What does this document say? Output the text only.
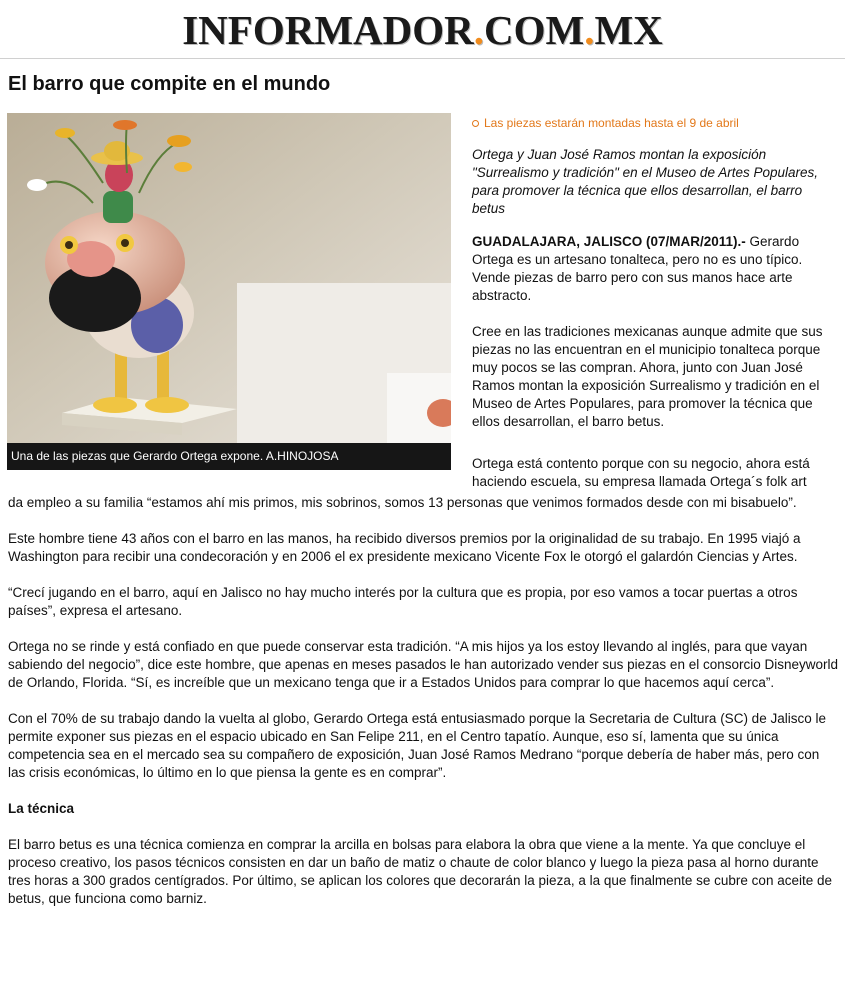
INFORMADOR.COM.MX
El barro que compite en el mundo
Una de las piezas que Gerardo Ortega expone. A.HINOJOSA
Las piezas estarán montadas hasta el 9 de abril

Ortega y Juan José Ramos montan la exposición "Surrealismo y tradición" en el Museo de Artes Populares, para promover la técnica que ellos desarrollan, el barro betus

GUADALAJARA, JALISCO (07/MAR/2011).- Gerardo Ortega es un artesano tonalteca, pero no es uno típico. Vende piezas de barro pero con sus manos hace arte abstracto.

Cree en las tradiciones mexicanas aunque admite que sus piezas no las encuentran en el municipio tonalteca porque muy pocos se las compran. Ahora, junto con Juan José Ramos montan la exposición Surrealismo y tradición en el Museo de Artes Populares, para promover la técnica que ellos desarrollan, el barro betus.

Ortega está contento porque con su negocio, ahora está haciendo escuela, su empresa llamada Ortega´s folk art

da empleo a su familia “estamos ahí mis primos, mis sobrinos, somos 13 personas que venimos formados desde con mi bisabuelo”.

Este hombre tiene 43 años con el barro en las manos, ha recibido diversos premios por la originalidad de su trabajo. En 1995 viajó a Washington para recibir una condecoración y en 2006 el ex presidente mexicano Vicente Fox le otorgó el galardón Ciencias y Artes.

“Crecí jugando en el barro, aquí en Jalisco no hay mucho interés por la cultura que es propia, por eso vamos a tocar puertas a otros países”, expresa el artesano.

Ortega no se rinde y está confiado en que puede conservar esta tradición. “A mis hijos ya los estoy llevando al inglés, para que vayan sabiendo del negocio”, dice este hombre, que apenas en meses pasados le han autorizado vender sus piezas en el consorcio Disneyworld de Orlando, Florida. “Sí, es increíble que un mexicano tenga que ir a Estados Unidos para comprar lo que hacemos aquí cerca”.

Con el 70% de su trabajo dando la vuelta al globo, Gerardo Ortega está entusiasmado porque la Secretaria de Cultura (SC) de Jalisco le permite exponer sus piezas en el espacio ubicado en San Felipe 211, en el Centro tapatío. Aunque, eso sí, lamenta que su única competencia sea en el mercado sea su compañero de exposición, Juan José Ramos Medrano “porque debería de haber más, pero con las crisis económicas, lo último en lo que piensa la gente es en comprar”.

La técnica

El barro betus es una técnica comienza en comprar la arcilla en bolsas para elabora la obra que viene a la mente. Ya que concluye el proceso creativo, los pasos técnicos consisten en dar un baño de matiz o chaute de color blanco y luego la pieza pasa al horno durante tres horas a 300 grados centígrados. Por último, se aplican los colores que decorarán la pieza, a la que finalmente se cubre con aceite de betus, que funciona como barniz.
